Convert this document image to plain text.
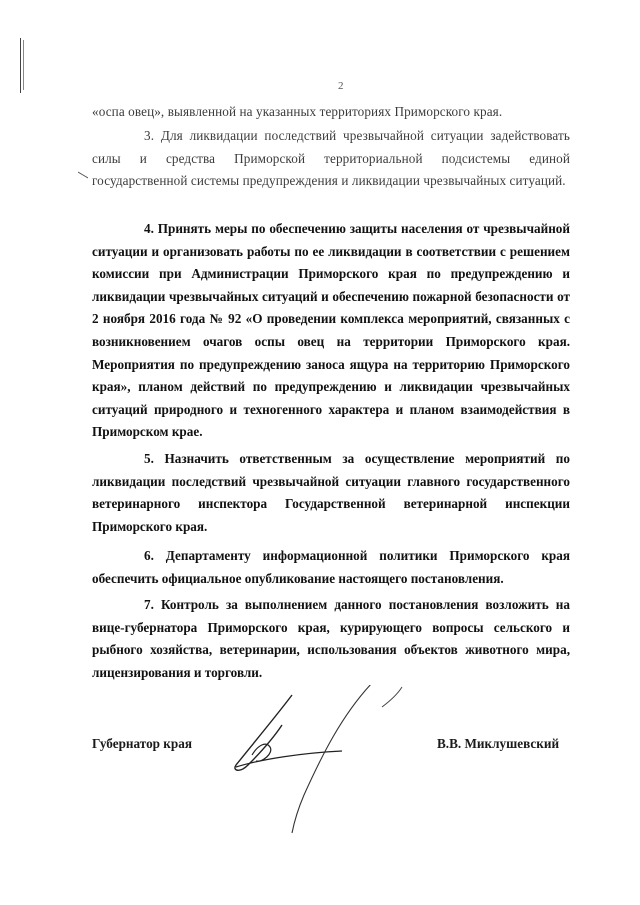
2

«оспа овец», выявленной на указанных территориях Приморского края.

3. Для ликвидации последствий чрезвычайной ситуации задействовать силы и средства Приморской территориальной подсистемы единой государственной системы предупреждения и ликвидации чрезвычайных ситуаций.

4. Принять меры по обеспечению защиты населения от чрезвычайной ситуации и организовать работы по ее ликвидации в соответствии с решением комиссии при Администрации Приморского края по предупреждению и ликвидации чрезвычайных ситуаций и обеспечению пожарной безопасности от 2 ноября 2016 года № 92 «О проведении комплекса мероприятий, связанных с возникновением очагов оспы овец на территории Приморского края. Мероприятия по предупреждению заноса ящура на территорию Приморского края», планом действий по предупреждению и ликвидации чрезвычайных ситуаций природного и техногенного характера и планом взаимодействия в Приморском крае.

5. Назначить ответственным за осуществление мероприятий по ликвидации последствий чрезвычайной ситуации главного государственного ветеринарного инспектора Государственной ветеринарной инспекции Приморского края.

6. Департаменту информационной политики Приморского края обеспечить официальное опубликование настоящего постановления.

7. Контроль за выполнением данного постановления возложить на вице-губернатора Приморского края, курирующего вопросы сельского и рыбного хозяйства, ветеринарии, использования объектов животного мира, лицензирования и торговли.

Губернатор края	В.В. Миклушевский
